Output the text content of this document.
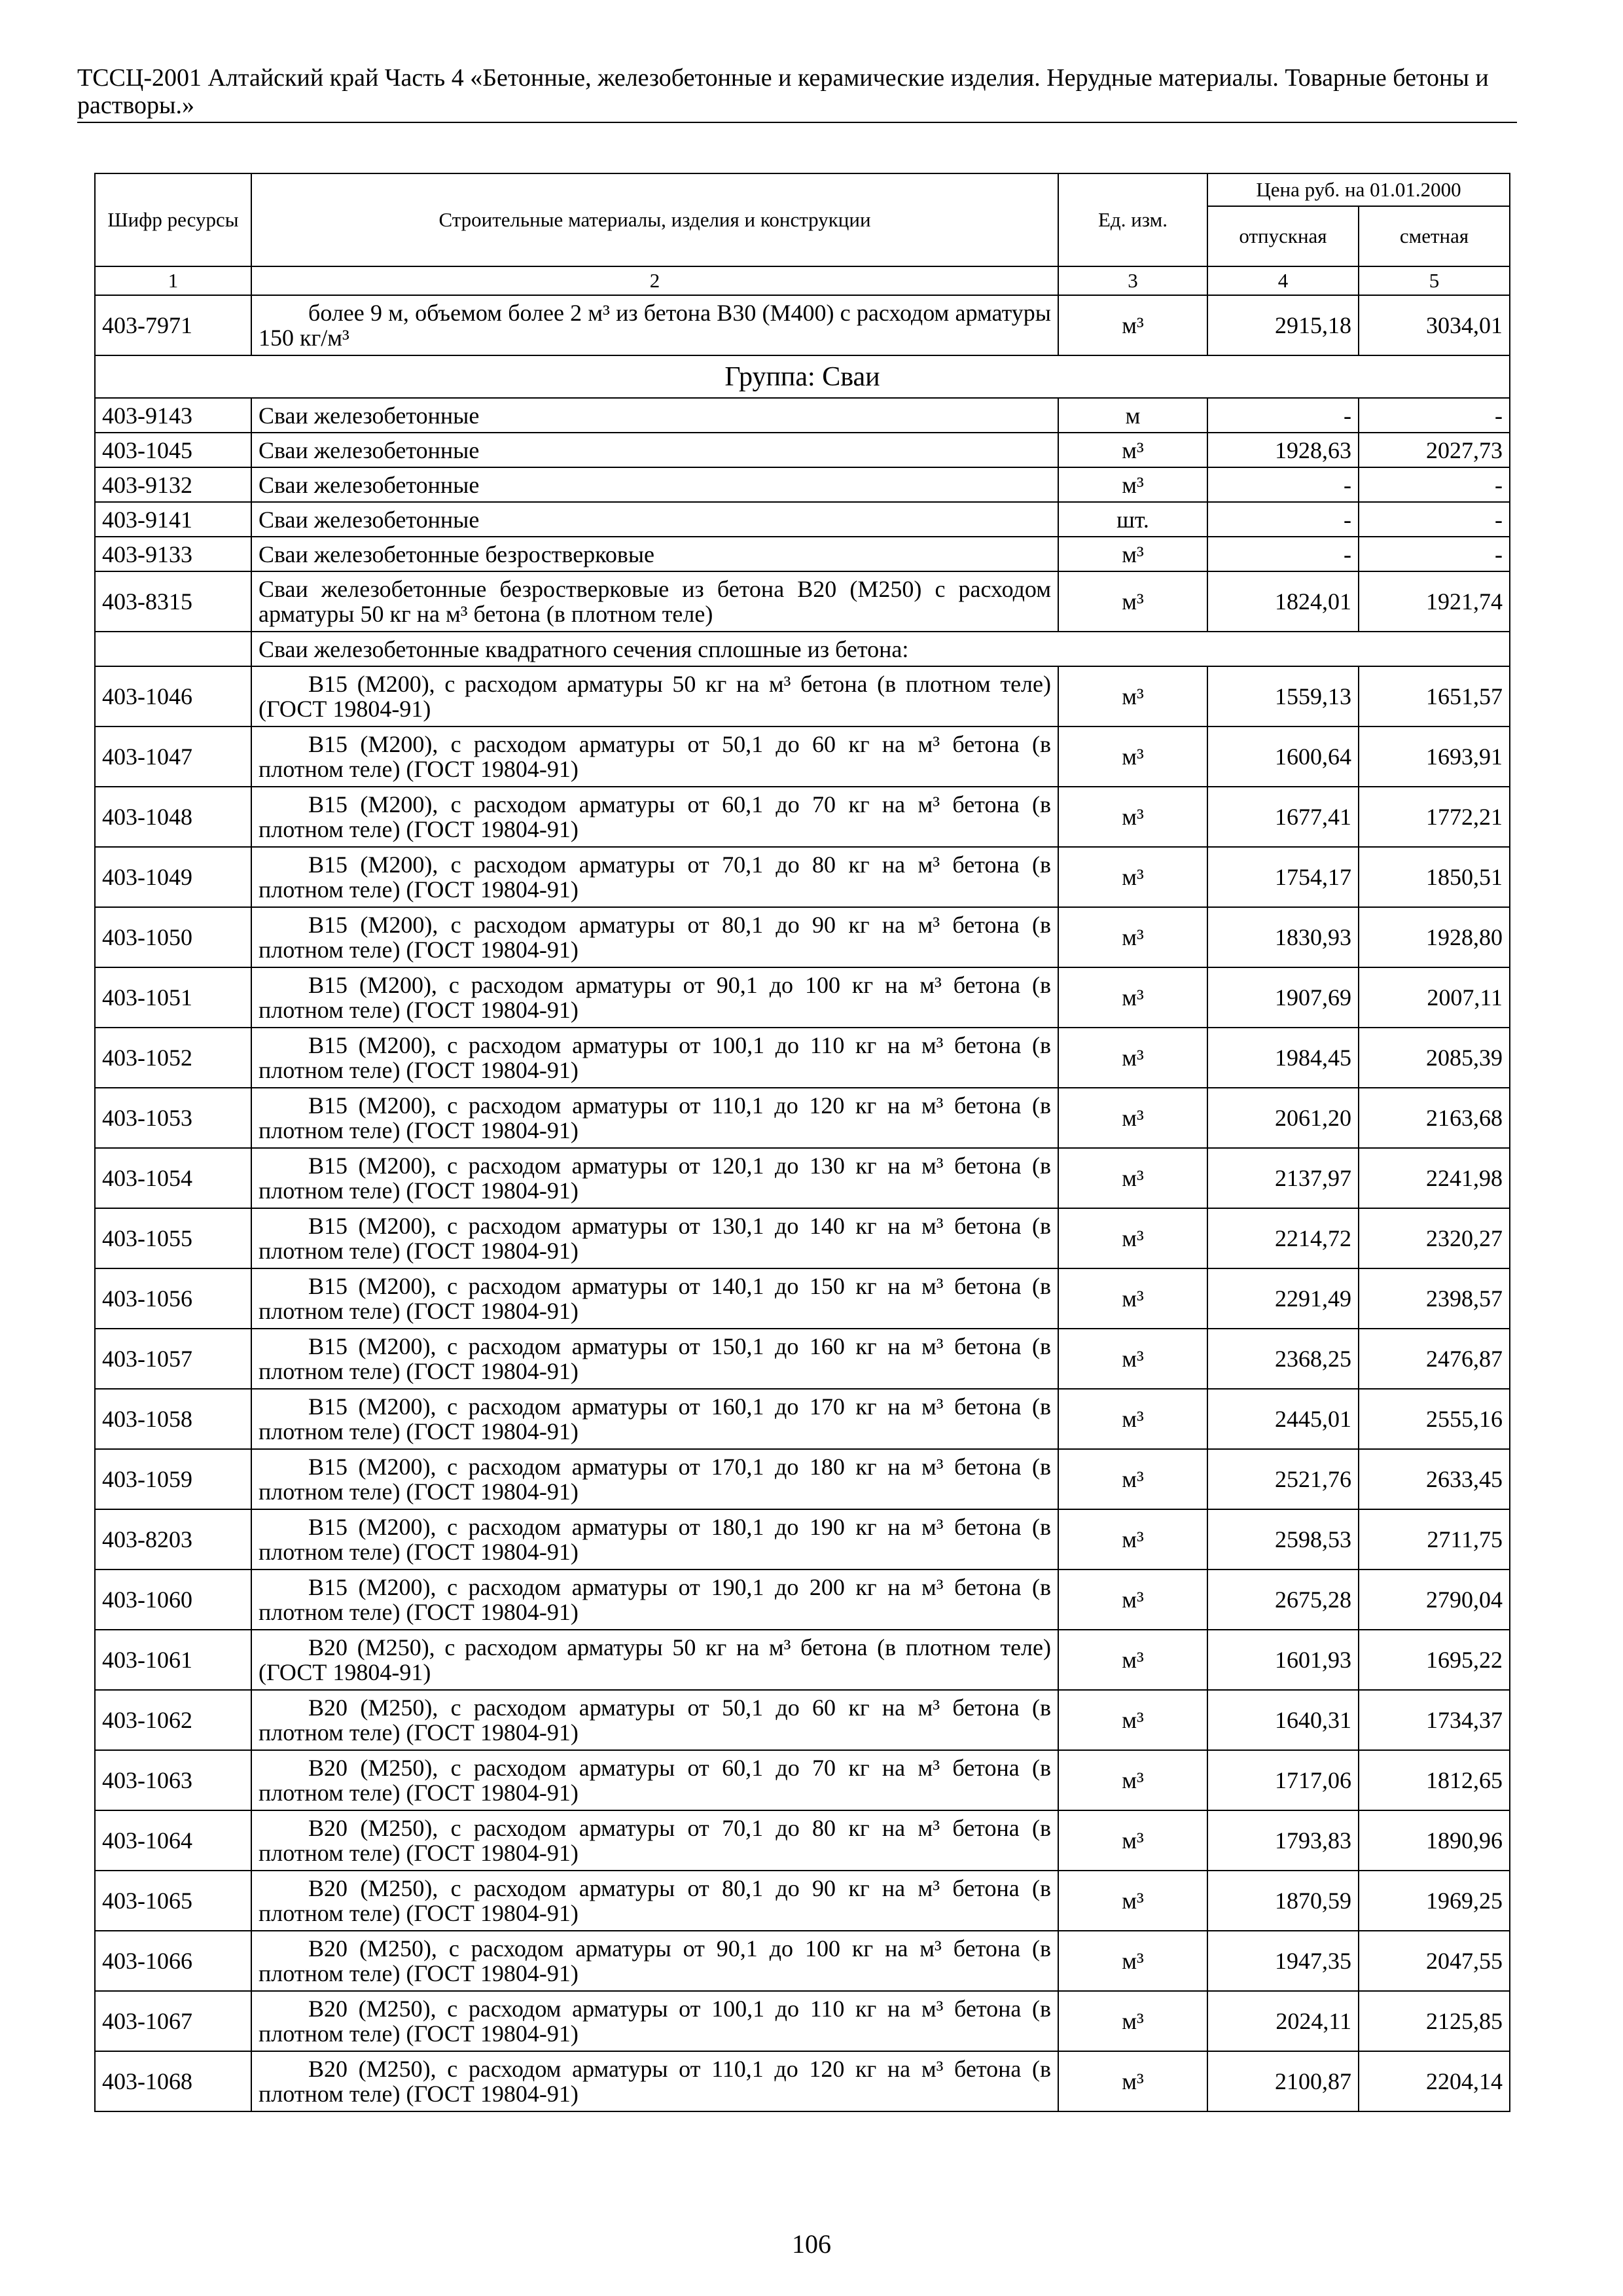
ТССЦ-2001 Алтайский край Часть 4 «Бетонные, железобетонные и керамические изделия. Нерудные материалы. Товарные бетоны и растворы.»
Шифр ресурсы	Строительные материалы, изделия и конструкции	Ед. изм.	Цена руб. на 01.01.2000	
			отпускная	сметная
1	2	3	4	5
403-7971	более 9 м, объемом более 2 м³ из бетона В30 (М400) с расходом арматуры 150 кг/м³	м³	2915,18	3034,01
Группа: Сваи				
403-9143	Сваи железобетонные	м	-	-
403-1045	Сваи железобетонные	м³	1928,63	2027,73
403-9132	Сваи железобетонные	м³	-	-
403-9141	Сваи железобетонные	шт.	-	-
403-9133	Сваи железобетонные безростверковые	м³	-	-
403-8315	Сваи железобетонные безростверковые из бетона В20 (М250) с расходом арматуры 50 кг на м³ бетона (в плотном теле)	м³	1824,01	1921,74
	Сваи железобетонные квадратного сечения сплошные из бетона:			
403-1046	В15 (М200), с расходом арматуры 50 кг на м³ бетона (в плотном теле) (ГОСТ 19804-91)	м³	1559,13	1651,57
403-1047	В15 (М200), с расходом арматуры от 50,1 до 60 кг на м³ бетона (в плотном теле) (ГОСТ 19804-91)	м³	1600,64	1693,91
403-1048	В15 (М200), с расходом арматуры от 60,1 до 70 кг на м³ бетона (в плотном теле) (ГОСТ 19804-91)	м³	1677,41	1772,21
403-1049	В15 (М200), с расходом арматуры от 70,1 до 80 кг на м³ бетона (в плотном теле) (ГОСТ 19804-91)	м³	1754,17	1850,51
403-1050	В15 (М200), с расходом арматуры от 80,1 до 90 кг на м³ бетона (в плотном теле) (ГОСТ 19804-91)	м³	1830,93	1928,80
403-1051	В15 (М200), с расходом арматуры от 90,1 до 100 кг на м³ бетона (в плотном теле) (ГОСТ 19804-91)	м³	1907,69	2007,11
403-1052	В15 (М200), с расходом арматуры от 100,1 до 110 кг на м³ бетона (в плотном теле) (ГОСТ 19804-91)	м³	1984,45	2085,39
403-1053	В15 (М200), с расходом арматуры от 110,1 до 120 кг на м³ бетона (в плотном теле) (ГОСТ 19804-91)	м³	2061,20	2163,68
403-1054	В15 (М200), с расходом арматуры от 120,1 до 130 кг на м³ бетона (в плотном теле) (ГОСТ 19804-91)	м³	2137,97	2241,98
403-1055	В15 (М200), с расходом арматуры от 130,1 до 140 кг на м³ бетона (в плотном теле) (ГОСТ 19804-91)	м³	2214,72	2320,27
403-1056	В15 (М200), с расходом арматуры от 140,1 до 150 кг на м³ бетона (в плотном теле) (ГОСТ 19804-91)	м³	2291,49	2398,57
403-1057	В15 (М200), с расходом арматуры от 150,1 до 160 кг на м³ бетона (в плотном теле) (ГОСТ 19804-91)	м³	2368,25	2476,87
403-1058	В15 (М200), с расходом арматуры от 160,1 до 170 кг на м³ бетона (в плотном теле) (ГОСТ 19804-91)	м³	2445,01	2555,16
403-1059	В15 (М200), с расходом арматуры от 170,1 до 180 кг на м³ бетона (в плотном теле) (ГОСТ 19804-91)	м³	2521,76	2633,45
403-8203	В15 (М200), с расходом арматуры от 180,1 до 190 кг на м³ бетона (в плотном теле) (ГОСТ 19804-91)	м³	2598,53	2711,75
403-1060	В15 (М200), с расходом арматуры от 190,1 до 200 кг на м³ бетона (в плотном теле) (ГОСТ 19804-91)	м³	2675,28	2790,04
403-1061	В20 (М250), с расходом арматуры 50 кг на м³ бетона (в плотном теле) (ГОСТ 19804-91)	м³	1601,93	1695,22
403-1062	В20 (М250), с расходом арматуры от 50,1 до 60 кг на м³ бетона (в плотном теле) (ГОСТ 19804-91)	м³	1640,31	1734,37
403-1063	В20 (М250), с расходом арматуры от 60,1 до 70 кг на м³ бетона (в плотном теле) (ГОСТ 19804-91)	м³	1717,06	1812,65
403-1064	В20 (М250), с расходом арматуры от 70,1 до 80 кг на м³ бетона (в плотном теле) (ГОСТ 19804-91)	м³	1793,83	1890,96
403-1065	В20 (М250), с расходом арматуры от 80,1 до 90 кг на м³ бетона (в плотном теле) (ГОСТ 19804-91)	м³	1870,59	1969,25
403-1066	В20 (М250), с расходом арматуры от 90,1 до 100 кг на м³ бетона (в плотном теле) (ГОСТ 19804-91)	м³	1947,35	2047,55
403-1067	В20 (М250), с расходом арматуры от 100,1 до 110 кг на м³ бетона (в плотном теле) (ГОСТ 19804-91)	м³	2024,11	2125,85
403-1068	В20 (М250), с расходом арматуры от 110,1 до 120 кг на м³ бетона (в плотном теле) (ГОСТ 19804-91)	м³	2100,87	2204,14
106
